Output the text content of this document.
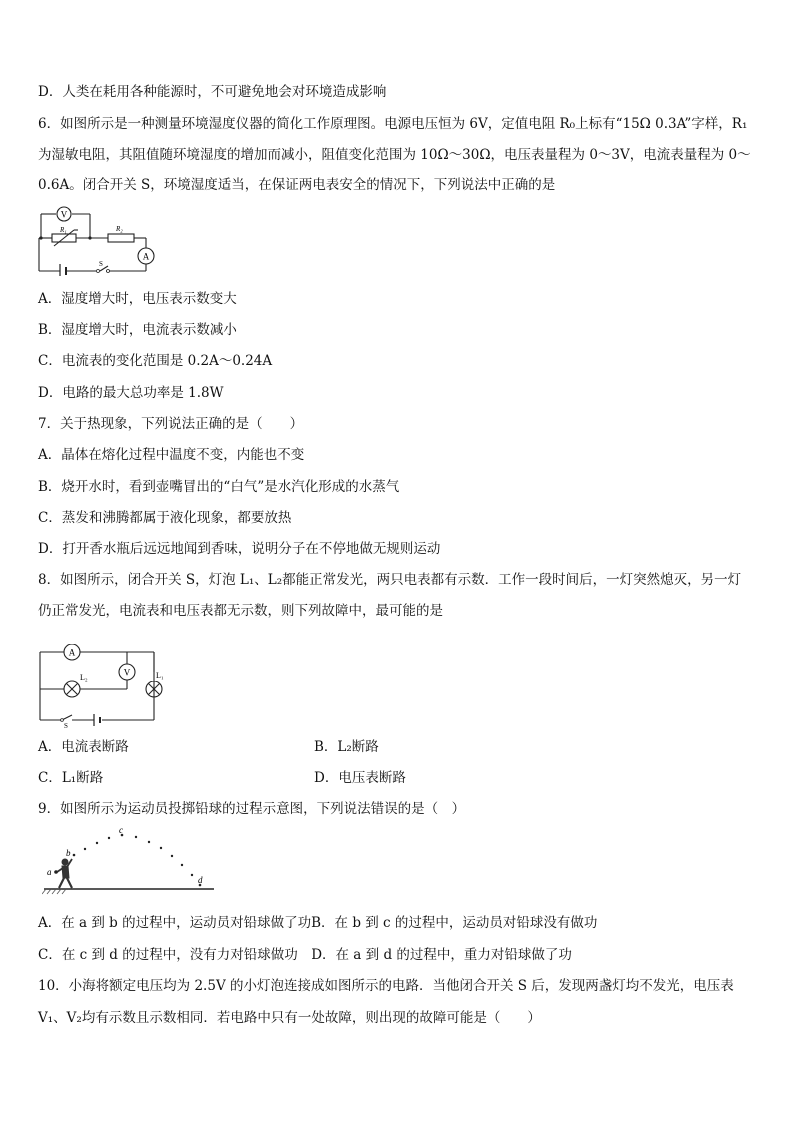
D．人类在耗用各种能源时，不可避免地会对环境造成影响
6．如图所示是一种测量环境湿度仪器的简化工作原理图。电源电压恒为 6V，定值电阻 R₀上标有“15Ω 0.3A”字样，R₁
为湿敏电阻，其阻值随环境湿度的增加而减小，阻值变化范围为 10Ω～30Ω，电压表量程为 0～3V，电流表量程为 0～
0.6A。闭合开关 S，环境湿度适当，在保证两电表安全的情况下，下列说法中正确的是
V
A
R₁	R₂
S
A．湿度增大时，电压表示数变大
B．湿度增大时，电流表示数减小
C．电流表的变化范围是 0.2A～0.24A
D．电路的最大总功率是 1.8W
7．关于热现象，下列说法正确的是（　　）
A．晶体在熔化过程中温度不变，内能也不变
B．烧开水时，看到壶嘴冒出的“白气”是水汽化形成的水蒸气
C．蒸发和沸腾都属于液化现象，都要放热
D．打开香水瓶后远远地闻到香味，说明分子在不停地做无规则运动
8．如图所示，闭合开关 S，灯泡 L₁、L₂都能正常发光，两只电表都有示数．工作一段时间后，一灯突然熄灭，另一灯
仍正常发光，电流表和电压表都无示数，则下列故障中，最可能的是
A
V
L₂	L₁
S
A．电流表断路	B．L₂断路
C．L₁断路	D．电压表断路
9．如图所示为运动员投掷铅球的过程示意图，下列说法错误的是（　）
a
b
c
d
A．在 a 到 b 的过程中，运动员对铅球做了功B．在 b 到 c 的过程中，运动员对铅球没有做功
C．在 c 到 d 的过程中，没有力对铅球做功　D．在 a 到 d 的过程中，重力对铅球做了功
10．小海将额定电压均为 2.5V 的小灯泡连接成如图所示的电路．当他闭合开关 S 后，发现两盏灯均不发光，电压表
V₁、V₂均有示数且示数相同．若电路中只有一处故障，则出现的故障可能是（　　）
